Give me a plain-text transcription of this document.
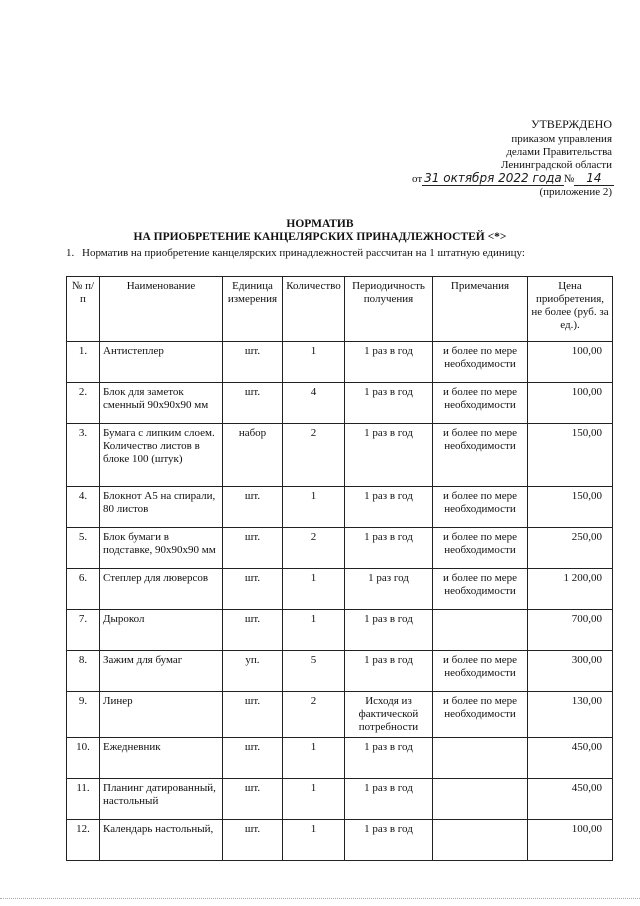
УТВЕРЖДЕНО
приказом управления
делами Правительства
Ленинградской области
от 31 октября 2022 года № 14
(приложение 2)
НОРМАТИВ
НА ПРИОБРЕТЕНИЕ КАНЦЕЛЯРСКИХ ПРИНАДЛЕЖНОСТЕЙ <*>
1. Норматив на приобретение канцелярских принадлежностей рассчитан на 1 штатную единицу:
№ п/п	Наименование	Единица измерения	Количество	Периодичность получения	Примечания	Цена приобретения, не более (руб. за ед.).
1.	Антистеплер	шт.	1	1 раз в год	и более по мере необходимости	100,00
2.	Блок для заметок сменный 90х90х90 мм	шт.	4	1 раз в год	и более по мере необходимости	100,00
3.	Бумага с липким слоем. Количество листов в блоке 100 (штук)	набор	2	1 раз в год	и более по мере необходимости	150,00
4.	Блокнот А5 на спирали, 80 листов	шт.	1	1 раз в год	и более по мере необходимости	150,00
5.	Блок бумаги в подставке, 90х90х90 мм	шт.	2	1 раз в год	и более по мере необходимости	250,00
6.	Степлер для люверсов	шт.	1	1 раз год	и более по мере необходимости	1 200,00
7.	Дырокол	шт.	1	1 раз в год		700,00
8.	Зажим для бумаг	уп.	5	1 раз в год	и более по мере необходимости	300,00
9.	Линер	шт.	2	Исходя из фактической потребности	и более по мере необходимости	130,00
10.	Ежедневник	шт.	1	1 раз в год		450,00
11.	Планинг датированный, настольный	шт.	1	1 раз в год		450,00
12.	Календарь настольный,	шт.	1	1 раз в год		100,00
